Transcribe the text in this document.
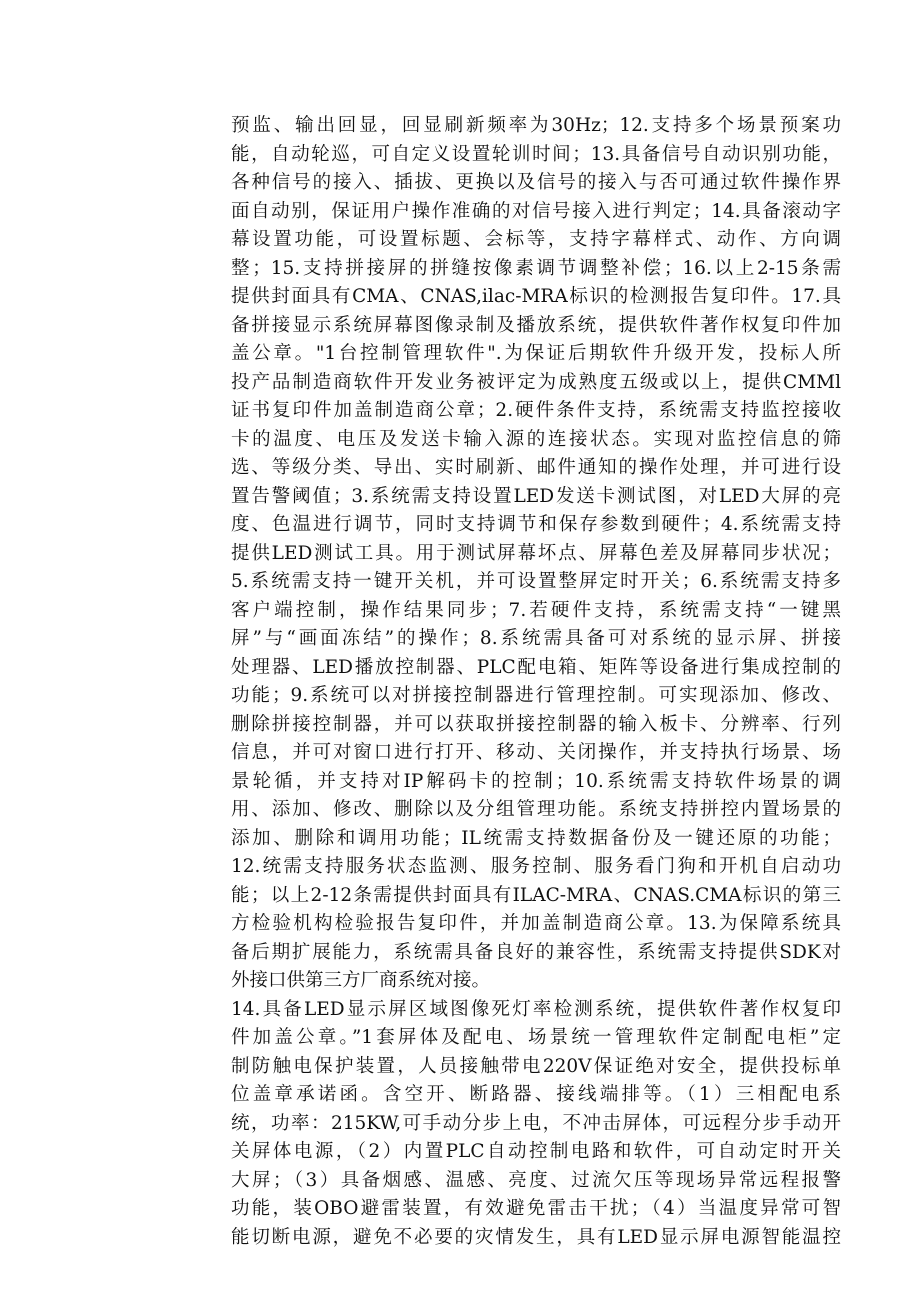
预监、输出回显，回显刷新频率为30Hz；12.支持多个场景预案功
能，自动轮巡，可自定义设置轮训时间；13.具备信号自动识别功能，
各种信号的接入、插拔、更换以及信号的接入与否可通过软件操作界
面自动别，保证用户操作准确的对信号接入进行判定；14.具备滚动字
幕设置功能，可设置标题、会标等，支持字幕样式、动作、方向调
整；15.支持拼接屏的拼缝按像素调节调整补偿；16.以上2-15条需
提供封面具有CMA、CNAS,ilac-MRA标识的检测报告复印件。17.具
备拼接显示系统屏幕图像录制及播放系统，提供软件著作权复印件加
盖公章。"1台控制管理软件".为保证后期软件升级开发，投标人所
投产品制造商软件开发业务被评定为成熟度五级或以上，提供CMMl
证书复印件加盖制造商公章；2.硬件条件支持，系统需支持监控接收
卡的温度、电压及发送卡输入源的连接状态。实现对监控信息的筛
选、等级分类、导出、实时刷新、邮件通知的操作处理，并可进行设
置告警阈值；3.系统需支持设置LED发送卡测试图，对LED大屏的亮
度、色温进行调节，同时支持调节和保存参数到硬件；4.系统需支持
提供LED测试工具。用于测试屏幕坏点、屏幕色差及屏幕同步状况；
5.系统需支持一键开关机，并可设置整屏定时开关；6.系统需支持多
客户端控制，操作结果同步；7.若硬件支持，系统需支持“一键黑
屏”与“画面冻结”的操作；8.系统需具备可对系统的显示屏、拼接
处理器、LED播放控制器、PLC配电箱、矩阵等设备进行集成控制的
功能；9.系统可以对拼接控制器进行管理控制。可实现添加、修改、
删除拼接控制器，并可以获取拼接控制器的输入板卡、分辨率、行列
信息，并可对窗口进行打开、移动、关闭操作，并支持执行场景、场
景轮循，并支持对IP解码卡的控制；10.系统需支持软件场景的调
用、添加、修改、删除以及分组管理功能。系统支持拼控内置场景的
添加、删除和调用功能；IL统需支持数据备份及一键还原的功能；
12.统需支持服务状态监测、服务控制、服务看门狗和开机自启动功
能；以上2-12条需提供封面具有ILAC-MRA、CNAS.CMA标识的第三
方检验机构检验报告复印件，并加盖制造商公章。13.为保障系统具
备后期扩展能力，系统需具备良好的兼容性，系统需支持提供SDK对
外接口供第三方厂商系统对接。
14.具备LED显示屏区域图像死灯率检测系统，提供软件著作权复印
件加盖公章。”1套屏体及配电、场景统一管理软件定制配电柜”定
制防触电保护装置，人员接触带电220V保证绝对安全，提供投标单
位盖章承诺函。含空开、断路器、接线端排等。（1）三相配电系
统，功率：215KW,可手动分步上电，不冲击屏体，可远程分步手动开
关屏体电源，（2）内置PLC自动控制电路和软件，可自动定时开关
大屏；（3）具备烟感、温感、亮度、过流欠压等现场异常远程报警
功能，装OBO避雷装置，有效避免雷击干扰；（4）当温度异常可智
能切断电源，避免不必要的灾情发生，具有LED显示屏电源智能温控
